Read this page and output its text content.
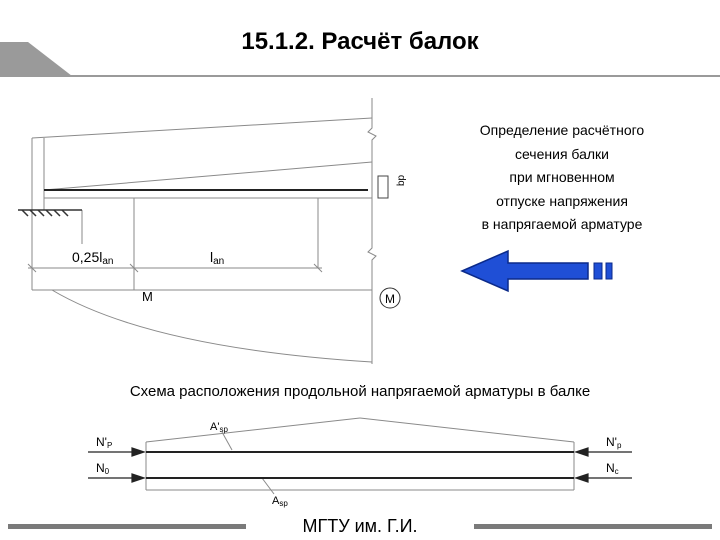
bp
0,25lan	lan
M	M
N'P
N0
N'p
Nc
A'sp
Asp
15.1.2. Расчёт балок
Определение расчётного
сечения балки
при мгновенном
отпуске напряжения
в напрягаемой арматуре
Схема расположения продольной напрягаемой арматуры в балке
МГТУ им. Г.И.
